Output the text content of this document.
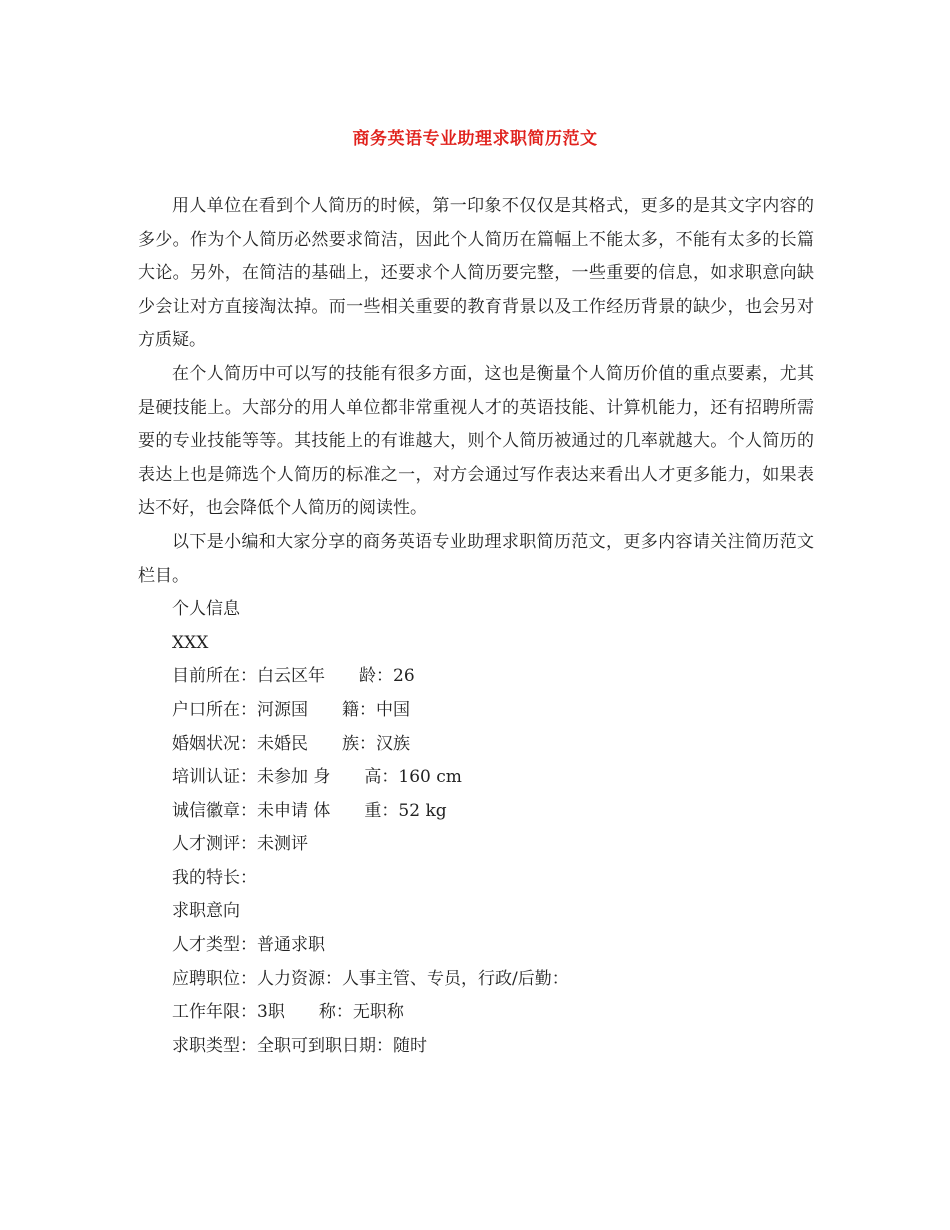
商务英语专业助理求职简历范文

用人单位在看到个人简历的时候，第一印象不仅仅是其格式，更多的是其文字内容的多少。作为个人简历必然要求简洁，因此个人简历在篇幅上不能太多，不能有太多的长篇大论。另外，在简洁的基础上，还要求个人简历要完整，一些重要的信息，如求职意向缺少会让对方直接淘汰掉。而一些相关重要的教育背景以及工作经历背景的缺少，也会另对方质疑。

在个人简历中可以写的技能有很多方面，这也是衡量个人简历价值的重点要素，尤其是硬技能上。大部分的用人单位都非常重视人才的英语技能、计算机能力，还有招聘所需要的专业技能等等。其技能上的有谁越大，则个人简历被通过的几率就越大。个人简历的表达上也是筛选个人简历的标准之一，对方会通过写作表达来看出人才更多能力，如果表达不好，也会降低个人简历的阅读性。

以下是小编和大家分享的商务英语专业助理求职简历范文，更多内容请关注简历范文栏目。

个人信息

XXX

目前所在：白云区年　　龄：26

户口所在：河源国　　籍：中国

婚姻状况：未婚民　　族：汉族

培训认证：未参加 身　　高：160 cm

诚信徽章：未申请 体　　重：52 kg

人才测评：未测评

我的特长：

求职意向

人才类型：普通求职

应聘职位：人力资源：人事主管、专员，行政/后勤：

工作年限：3职　　称：无职称

求职类型：全职可到职日期：随时
